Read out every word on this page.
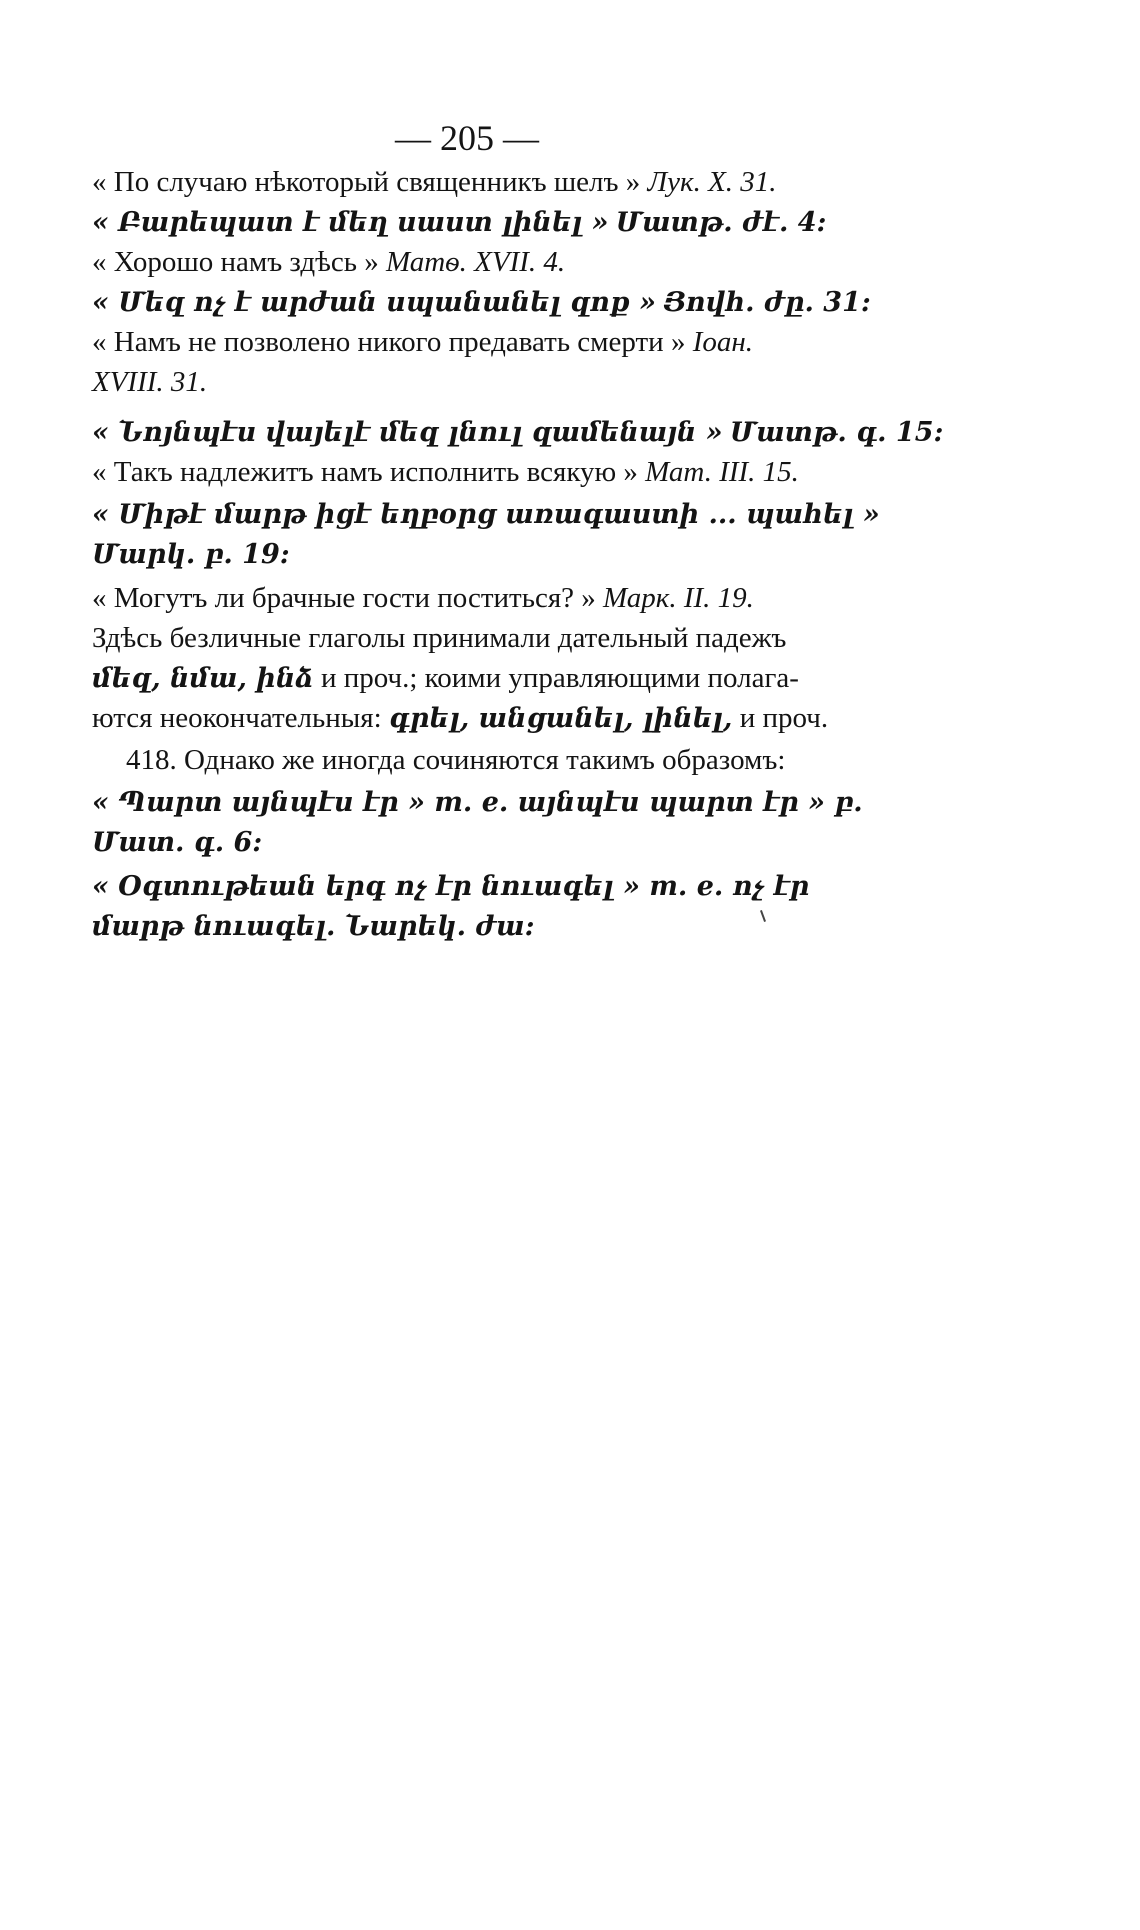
— 205 —
« По случаю нѣкоторый священникъ шелъ » Лук. X. 31.
« Բարեպատ է մեղ սաստ լինել » Մատթ. ժէ. 4:
« Хорошо намъ здѣсь » Матѳ. XVII. 4.
« Մեզ ոչ է արժան սպանանել զոք » Յովհ. ժը. 31:
« Намъ не позволено никого предавать смерти » Іоан.
XVIII. 31.
« Նոյնպէս վայելէ մեզ լնուլ զամենայն » Մատթ. գ. 15:
« Такъ надлежитъ намъ исполнить всякую » Мат. III. 15.
« Միթէ մարթ իցէ եղբօրց առագաստի ... պահել »
Մարկ. բ. 19:
« Могутъ ли брачные гости поститься? » Марк. II. 19.
Здѣсь безличные глаголы принимали дательный падежъ
մեզ, նմա, ինձ и проч.; коими управляющими полага-
ются неокончательныя: գրել, անցանել, լինել, и проч.
418. Однако же иногда сочиняются такимъ образомъ:
« Պարտ այնպէս էր » т. е. այնպէս պարտ էր » բ.
Մատ. գ. 6:
« Օգտութեան երգ ոչ էր նուագել » т. е. ոչ էր
մարթ նուագել. Նարեկ. ժա:
